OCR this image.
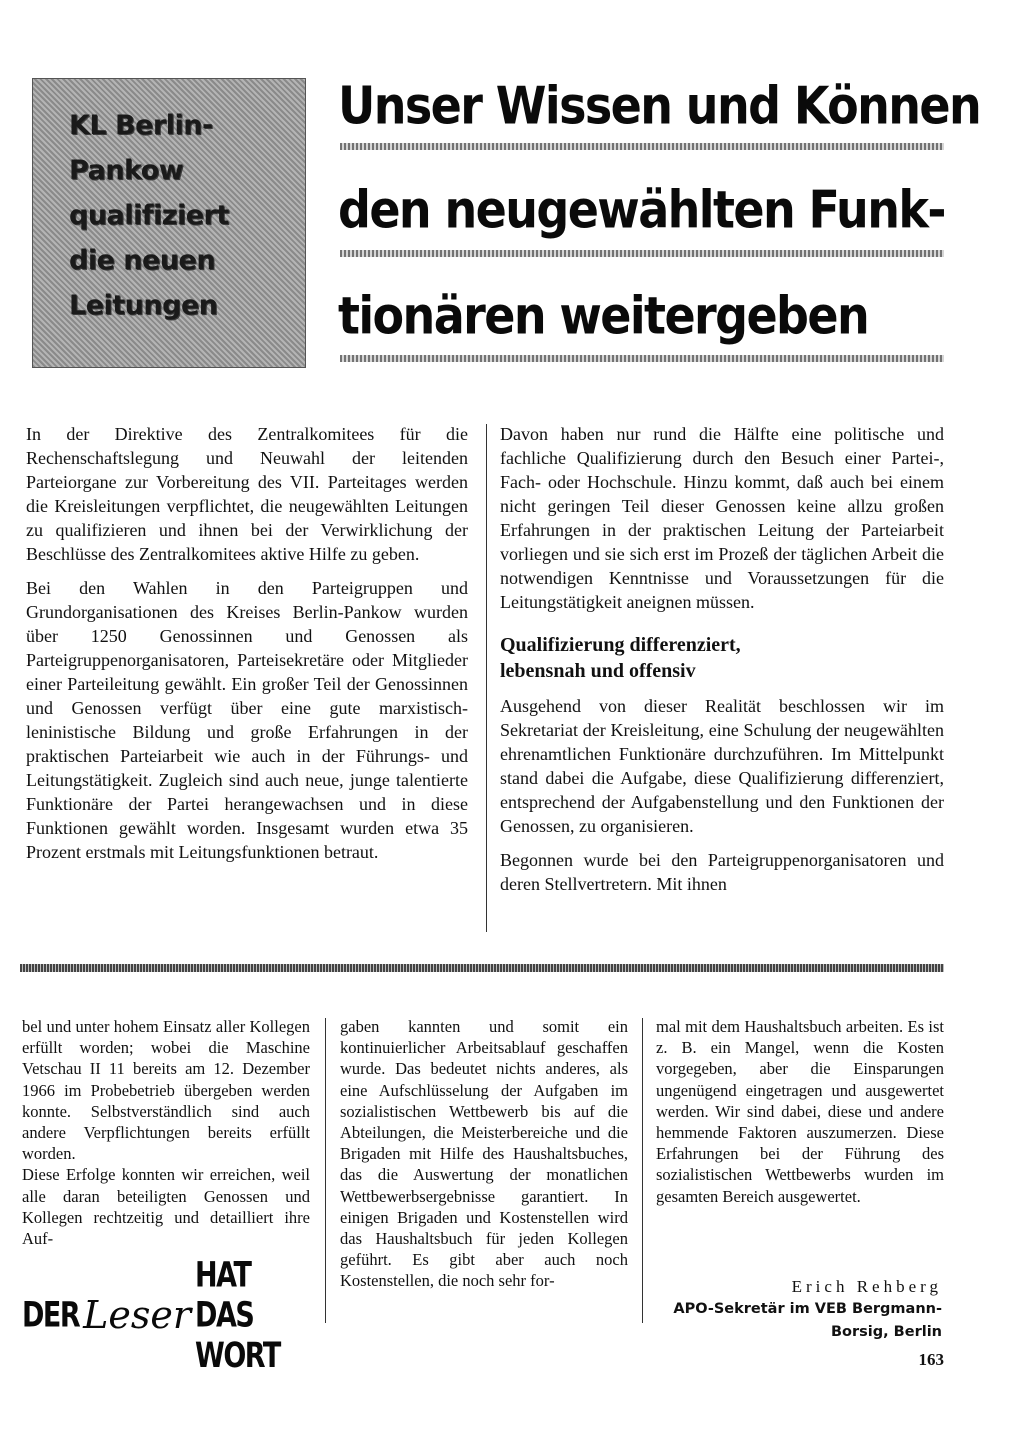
KL Berlin-
Pankow
qualifiziert
die neuen
Leitungen
Unser Wissen und Können
den neugewählten Funk-
tionären weitergeben

In der Direktive des Zentralkomitees für die Rechenschaftslegung und Neuwahl der leitenden Parteiorgane zur Vorbereitung des VII. Parteitages werden die Kreisleitungen verpflichtet, die neugewählten Leitungen zu qualifizieren und ihnen bei der Verwirklichung der Beschlüsse des Zentralkomitees aktive Hilfe zu geben.

Bei den Wahlen in den Parteigruppen und Grundorganisationen des Kreises Berlin-Pankow wurden über 1250 Genossinnen und Genossen als Parteigruppenorganisatoren, Parteisekretäre oder Mitglieder einer Parteileitung gewählt. Ein großer Teil der Genossinnen und Genossen verfügt über eine gute marxistisch-leninistische Bildung und große Erfahrungen in der praktischen Parteiarbeit wie auch in der Führungs- und Leitungstätigkeit. Zugleich sind auch neue, junge talentierte Funktionäre der Partei herangewachsen und in diese Funktionen gewählt worden. Insgesamt wurden etwa 35 Prozent erstmals mit Leitungsfunktionen betraut.

Davon haben nur rund die Hälfte eine politische und fachliche Qualifizierung durch den Besuch einer Partei-, Fach- oder Hochschule. Hinzu kommt, daß auch bei einem nicht geringen Teil dieser Genossen keine allzu großen Erfahrungen in der praktischen Leitung der Parteiarbeit vorliegen und sie sich erst im Prozeß der täglichen Arbeit die notwendigen Kenntnisse und Voraussetzungen für die Leitungstätigkeit aneignen müssen.

Qualifizierung differenziert,
lebensnah und offensiv

Ausgehend von dieser Realität beschlossen wir im Sekretariat der Kreisleitung, eine Schulung der neugewählten ehrenamtlichen Funktionäre durchzuführen. Im Mittelpunkt stand dabei die Aufgabe, diese Qualifizierung differenziert, entsprechend der Aufgabenstellung und den Funktionen der Genossen, zu organisieren.

Begonnen wurde bei den Parteigruppenorganisatoren und deren Stellvertretern. Mit ihnen

bel und unter hohem Einsatz aller Kollegen erfüllt worden; wobei die Maschine Vetschau II 11 bereits am 12. Dezember 1966 im Probebetrieb übergeben werden konnte. Selbstverständlich sind auch andere Verpflichtungen bereits erfüllt worden.

Diese Erfolge konnten wir erreichen, weil alle daran beteiligten Genossen und Kollegen rechtzeitig und detailliert ihre Auf-

gaben kannten und somit ein kontinuierlicher Arbeitsablauf geschaffen wurde. Das bedeutet nichts anderes, als eine Aufschlüsselung der Aufgaben im sozialistischen Wettbewerb bis auf die Abteilungen, die Meisterbereiche und die Brigaden mit Hilfe des Haushaltsbuches, das die Auswertung der monatlichen Wettbewerbsergebnisse garantiert. In einigen Brigaden und Kostenstellen wird das Haushaltsbuch für jeden Kollegen geführt. Es gibt aber auch noch Kostenstellen, die noch sehr for-

mal mit dem Haushaltsbuch arbeiten. Es ist z. B. ein Mangel, wenn die Kosten vorgegeben, aber die Einsparungen ungenügend eingetragen und ausgewertet werden. Wir sind dabei, diese und andere hemmende Faktoren auszumerzen. Diese Erfahrungen bei der Führung des sozialistischen Wettbewerbs wurden im gesamten Bereich ausgewertet.

DER Leser
HAT DAS WORT
Erich Rehberg
APO-Sekretär im VEB Bergmann-
Borsig, Berlin
163
